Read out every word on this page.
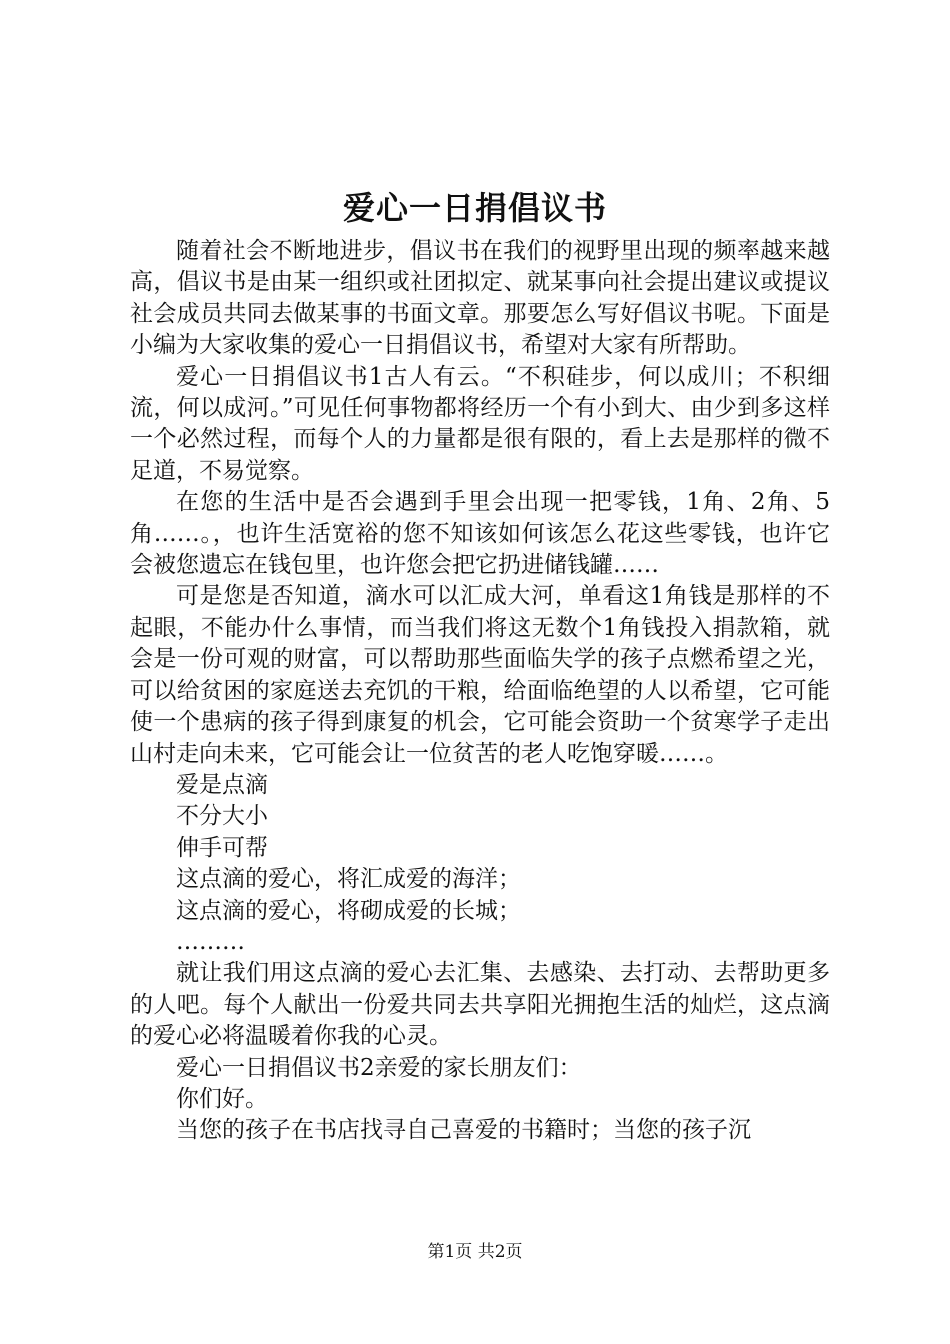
爱心一日捐倡议书

随着社会不断地进步，倡议书在我们的视野里出现的频率越来越高，倡议书是由某一组织或社团拟定、就某事向社会提出建议或提议社会成员共同去做某事的书面文章。那要怎么写好倡议书呢。下面是小编为大家收集的爱心一日捐倡议书，希望对大家有所帮助。

爱心一日捐倡议书1古人有云。“不积硅步，何以成川；不积细流，何以成河。”可见任何事物都将经历一个有小到大、由少到多这样一个必然过程，而每个人的力量都是很有限的，看上去是那样的微不足道，不易觉察。

在您的生活中是否会遇到手里会出现一把零钱，1角、2角、5角……。，也许生活宽裕的您不知该如何该怎么花这些零钱，也许它会被您遗忘在钱包里，也许您会把它扔进储钱罐……

可是您是否知道，滴水可以汇成大河，单看这1角钱是那样的不起眼，不能办什么事情，而当我们将这无数个1角钱投入捐款箱，就会是一份可观的财富，可以帮助那些面临失学的孩子点燃希望之光，可以给贫困的家庭送去充饥的干粮，给面临绝望的人以希望，它可能使一个患病的孩子得到康复的机会，它可能会资助一个贫寒学子走出山村走向未来，它可能会让一位贫苦的老人吃饱穿暖……。

爱是点滴

不分大小

伸手可帮

这点滴的爱心，将汇成爱的海洋；

这点滴的爱心，将砌成爱的长城；

………

就让我们用这点滴的爱心去汇集、去感染、去打动、去帮助更多的人吧。每个人献出一份爱共同去共享阳光拥抱生活的灿烂，这点滴的爱心必将温暖着你我的心灵。

爱心一日捐倡议书2亲爱的家长朋友们：

你们好。

当您的孩子在书店找寻自己喜爱的书籍时；当您的孩子沉

第1页 共2页
